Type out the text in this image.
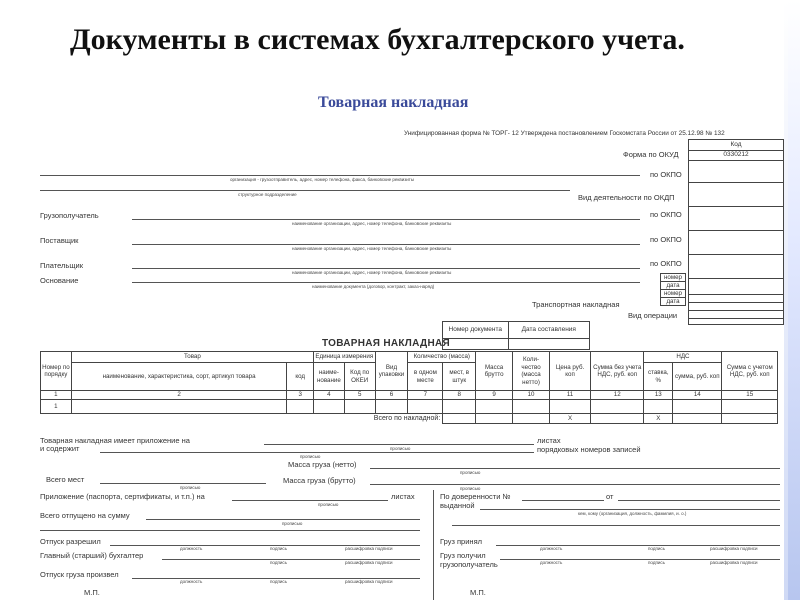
Документы в системах бухгалтерского учета.
Товарная накладная
Унифицированная форма № ТОРГ- 12 Утверждена постановлением Госкомстата России от 25.12.98 № 132
Код
0330212
Форма по ОКУД
по ОКПО
Вид деятельности по ОКДП
по ОКПО
по ОКПО
по ОКПО
номер
дата
номер
дата
Транспортная накладная
Вид операции
организация - грузоотправитель, адрес, номер телефона, факса, банковские реквизиты
структурное подразделение
Грузополучатель
наименование организации, адрес, номер телефона, банковские реквизиты
Поставщик
наименование организации, адрес, номер телефона, банковские реквизиты
Плательщик
наименование организации, адрес, номер телефона, банковские реквизиты
Основание
наименование документа (договор, контракт, заказ-наряд)
ТОВАРНАЯ НАКЛАДНАЯ
Номер документа	Дата составления

Номер по порядку	Товар		Единица измерения		Вид упаковки	Количество (масса)		Масса брутто	Коли-чество (масса нетто)	Цена руб. коп	Сумма без учета НДС, руб. коп	НДС		Сумма с учетом НДС, руб. коп
	наименование, характеристика, сорт, артикул товара	код	наиме-нование	Код по ОКЕИ		в одном месте	мест, в штук					ставка, %	сумма, руб. коп	
1	2	3	4	5	6	7	8	9	10	11	12	13	14	15
1														
Всего по накладной:										Х		Х		
Товарная накладная имеет приложение на	листах
прописью
и содержит	порядковых номеров записей
прописью
Масса груза (нетто)
прописью
Всего мест	Масса груза (брутто)
прописью	прописью
Приложение (паспорта, сертификаты, и т.п.) на	листах
прописью
По доверенности №	от
выданной
кем, кому (организация, должность, фамилия, и. о.)
Всего отпущено на сумму
прописью
Отпуск разрешил
должность	подпись	расшифровка подписи
Главный (старший) бухгалтер
подпись	расшифровка подписи
Отпуск груза произвел
должность	подпись	расшифровка подписи
М.П.
Груз принял
должность	подпись	расшифровка подписи
Груз получил грузополучатель	должность	подпись	расшифровка подписи
М.П.
